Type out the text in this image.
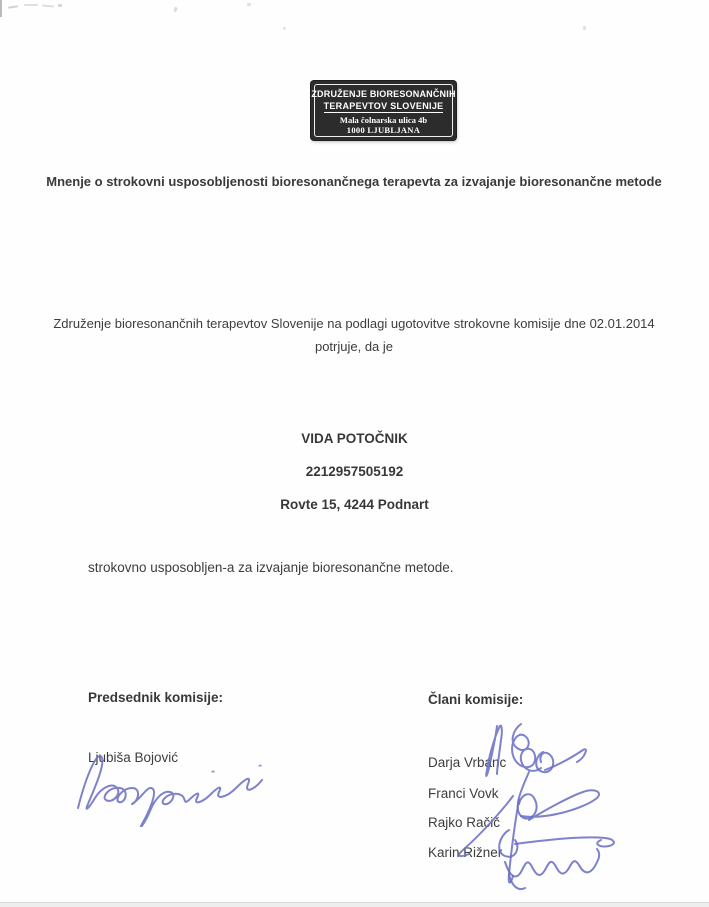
ZDRUŽENJE BIORESONANČNIH
TERAPEVTOV SLOVENIJE
Mala čolnarska ulica 4b
1000 LJUBLJANA
Mnenje o strokovni usposobljenosti bioresonančnega terapevta za izvajanje bioresonančne metode
Združenje bioresonančnih terapevtov Slovenije na podlagi ugotovitve strokovne komisije dne 02.01.2014 potrjuje, da je
VIDA POTOČNIK
2212957505192
Rovte 15, 4244 Podnart
strokovno usposobljen-a za izvajanje bioresonančne metode.
Predsednik komisije:	Člani komisije:
Ljubiša Bojović	Darja Vrbanc
Franci Vovk
Rajko Račič
Karin Rižner
